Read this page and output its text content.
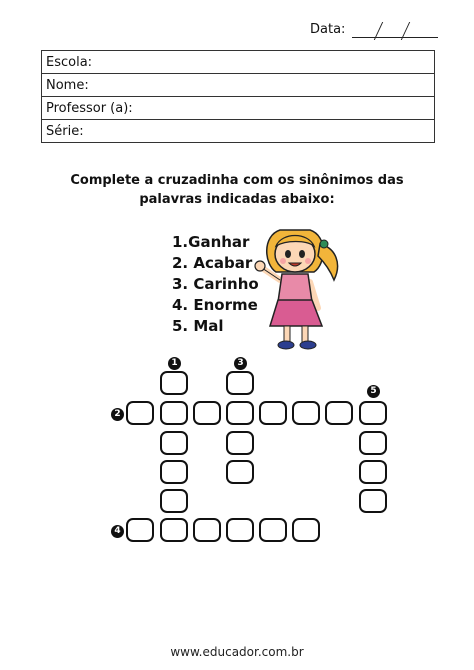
Data:
Escola:
Nome:
Professor (a):
Série:
Complete a cruzadinha com os sinônimos das palavras indicadas abaixo:
1.Ganhar
2. Acabar
3. Carinho
4. Enorme
5. Mal
1
2
3
4
5
www.educador.com.br
